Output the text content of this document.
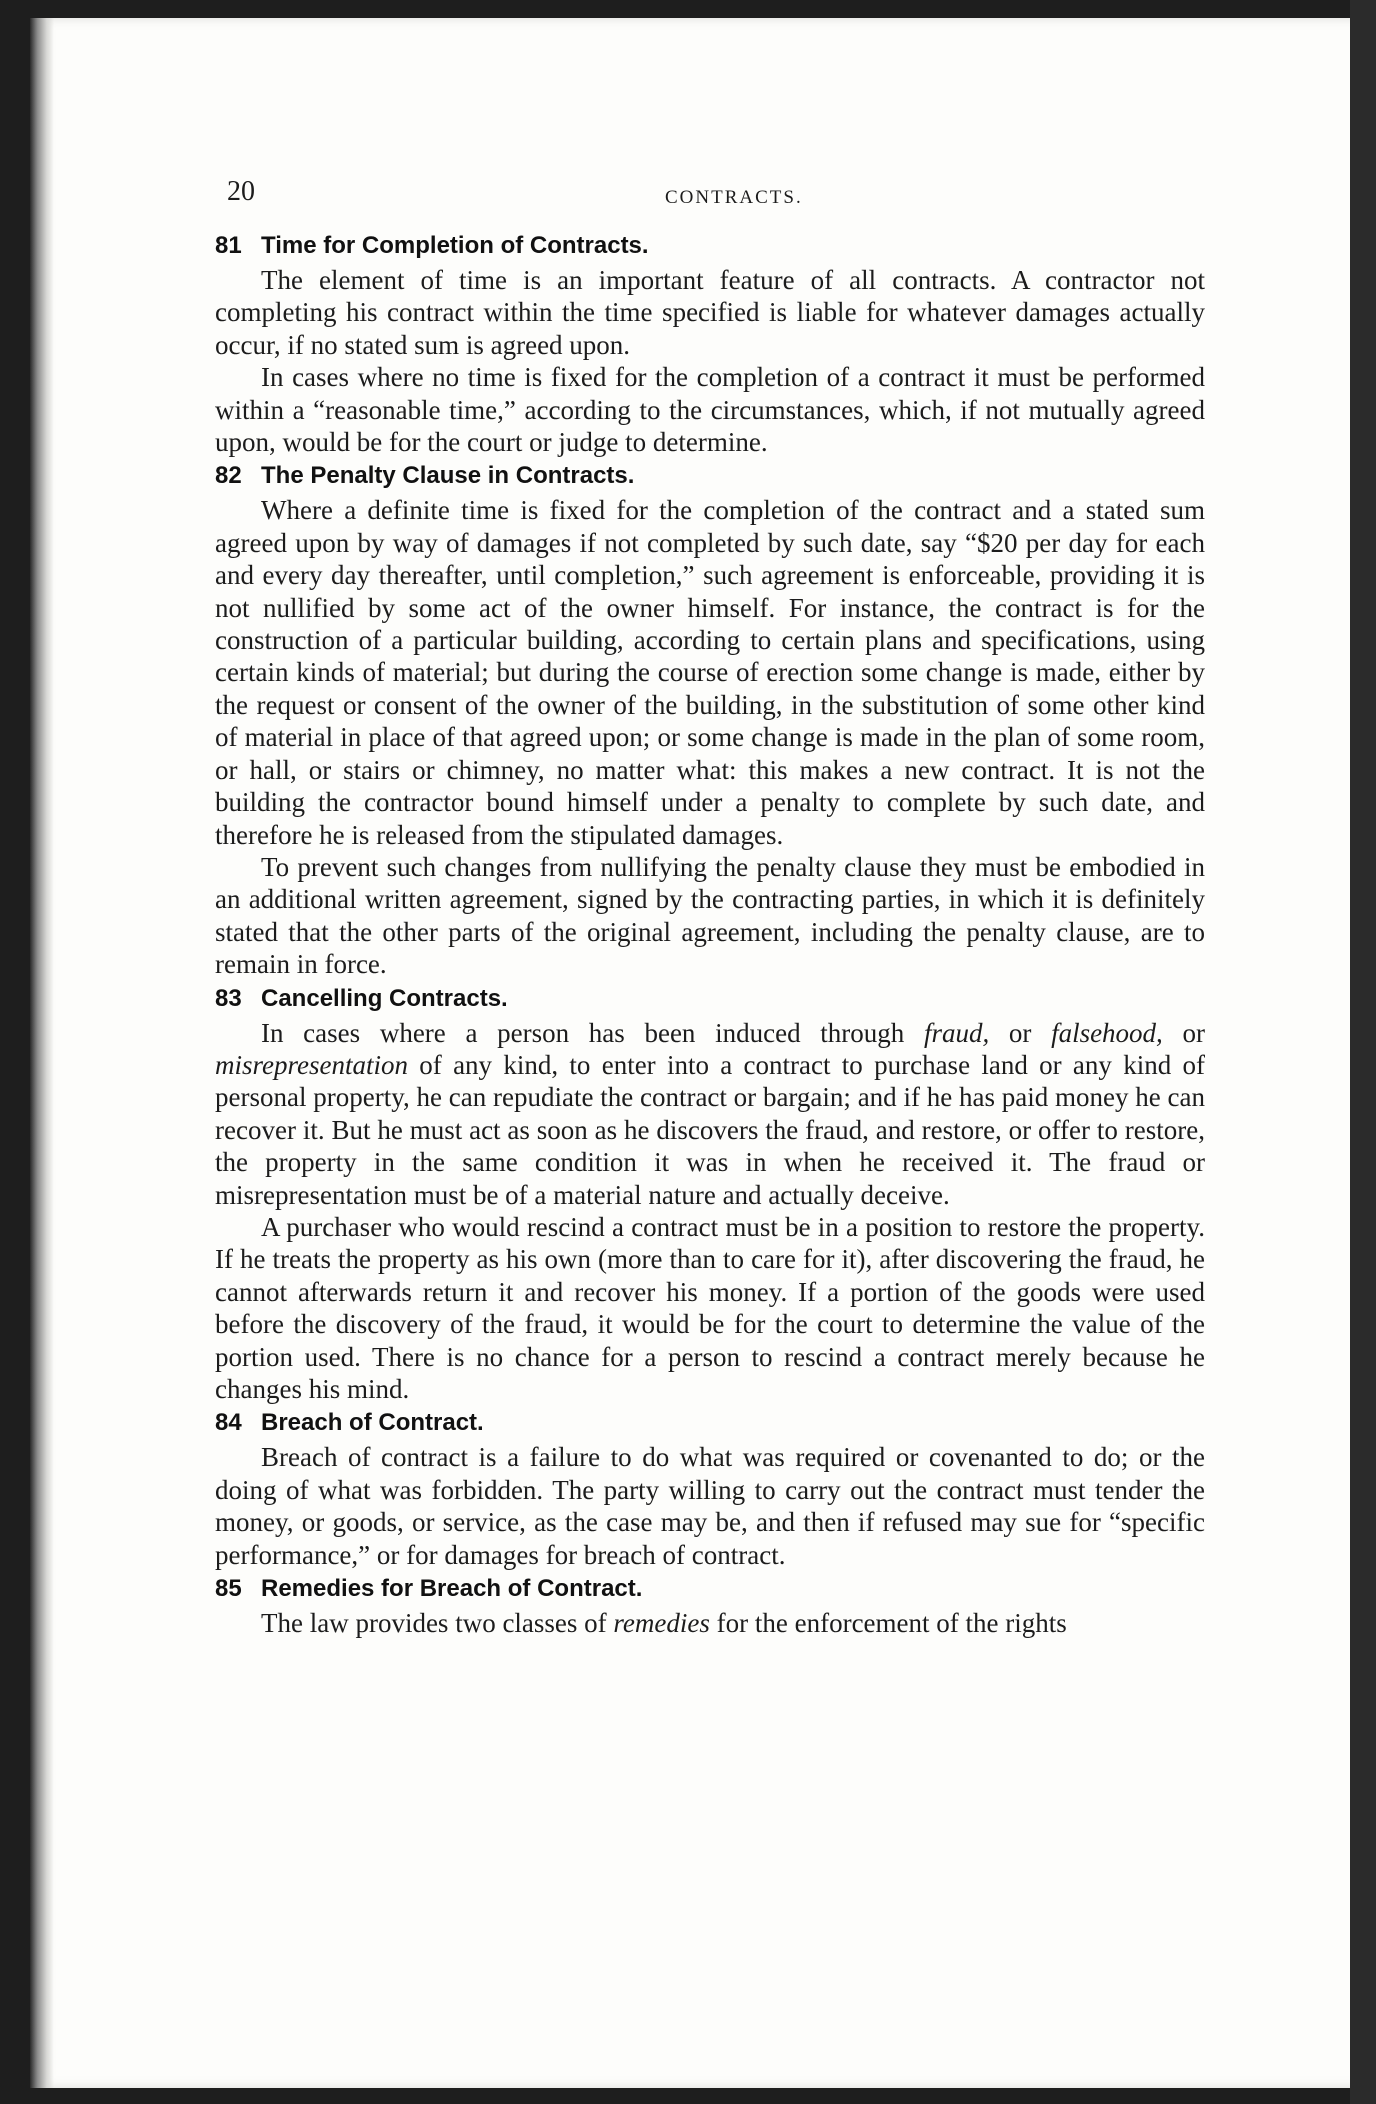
20	CONTRACTS.
81 Time for Completion of Contracts.

The element of time is an important feature of all contracts. A contractor not completing his contract within the time specified is liable for whatever damages actually occur, if no stated sum is agreed upon.

In cases where no time is fixed for the completion of a contract it must be performed within a “reasonable time,” according to the circumstances, which, if not mutually agreed upon, would be for the court or judge to determine.

82 The Penalty Clause in Contracts.

Where a definite time is fixed for the completion of the contract and a stated sum agreed upon by way of damages if not completed by such date, say “$20 per day for each and every day thereafter, until completion,” such agreement is enforceable, providing it is not nullified by some act of the owner himself. For instance, the contract is for the construction of a particular building, according to certain plans and specifications, using certain kinds of material; but during the course of erection some change is made, either by the request or consent of the owner of the building, in the substitution of some other kind of material in place of that agreed upon; or some change is made in the plan of some room, or hall, or stairs or chimney, no matter what: this makes a new contract. It is not the building the contractor bound himself under a penalty to complete by such date, and therefore he is released from the stipulated damages.

To prevent such changes from nullifying the penalty clause they must be embodied in an additional written agreement, signed by the contracting parties, in which it is definitely stated that the other parts of the original agreement, including the penalty clause, are to remain in force.

83 Cancelling Contracts.

In cases where a person has been induced through fraud, or falsehood, or misrepresentation of any kind, to enter into a contract to purchase land or any kind of personal property, he can repudiate the contract or bargain; and if he has paid money he can recover it. But he must act as soon as he discovers the fraud, and restore, or offer to restore, the property in the same condition it was in when he received it. The fraud or misrepresentation must be of a material nature and actually deceive.

A purchaser who would rescind a contract must be in a position to restore the property. If he treats the property as his own (more than to care for it), after discovering the fraud, he cannot afterwards return it and recover his money. If a portion of the goods were used before the discovery of the fraud, it would be for the court to determine the value of the portion used. There is no chance for a person to rescind a contract merely because he changes his mind.

84 Breach of Contract.

Breach of contract is a failure to do what was required or covenanted to do; or the doing of what was forbidden. The party willing to carry out the contract must tender the money, or goods, or service, as the case may be, and then if refused may sue for “specific performance,” or for damages for breach of contract.

85 Remedies for Breach of Contract.

The law provides two classes of remedies for the enforcement of the rights
